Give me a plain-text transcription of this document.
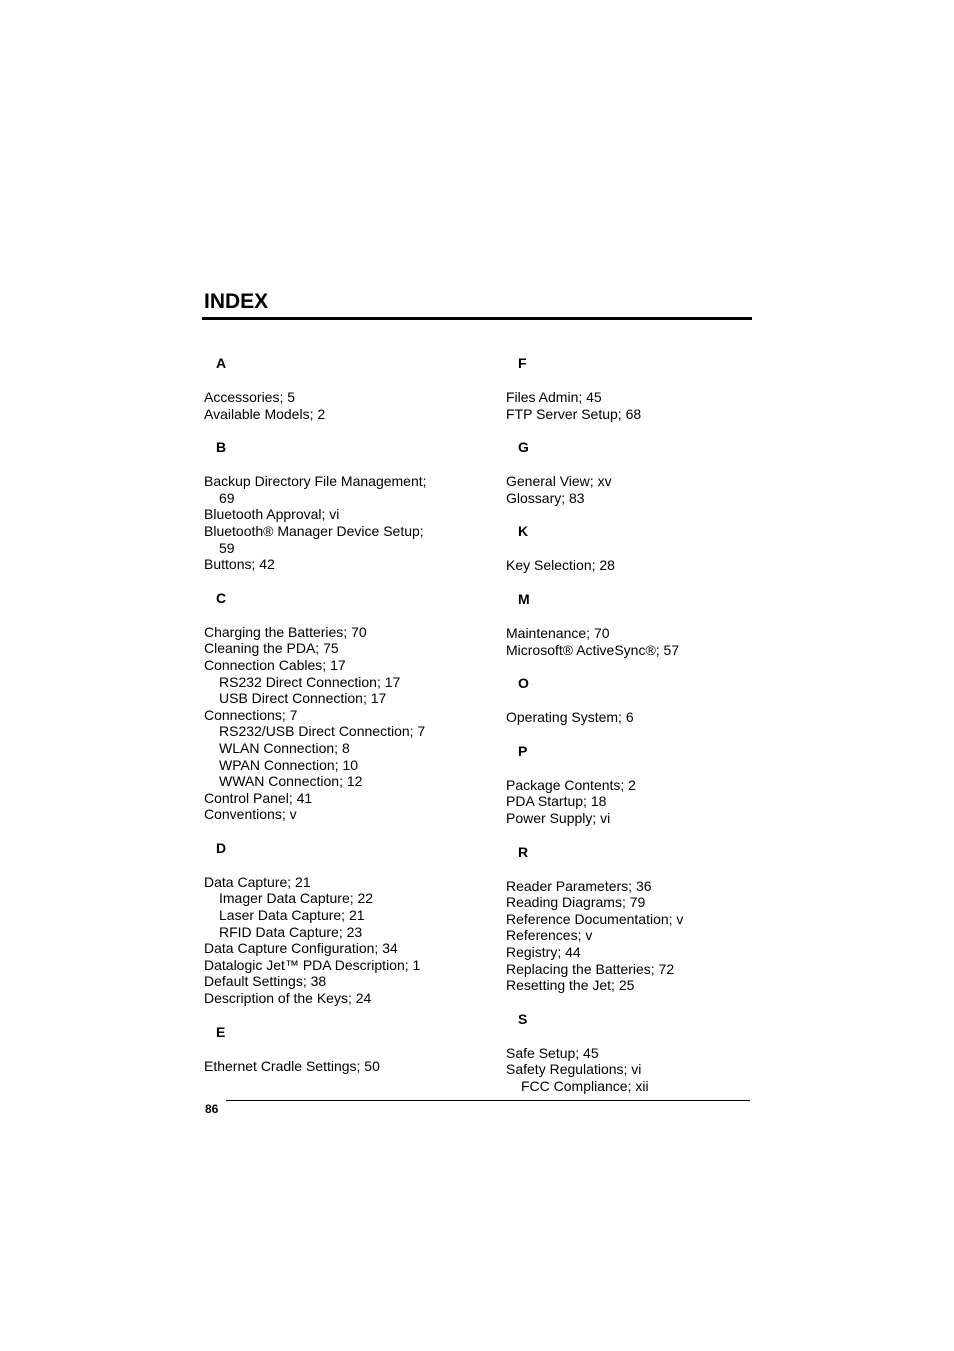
INDEX
A
Accessories; 5
Available Models; 2
B
Backup Directory File Management;
69
Bluetooth Approval; vi
Bluetooth® Manager Device Setup;
59
Buttons; 42
C
Charging the Batteries; 70
Cleaning the PDA; 75
Connection Cables; 17
RS232 Direct Connection; 17
USB Direct Connection; 17
Connections; 7
RS232/USB Direct Connection; 7
WLAN Connection; 8
WPAN Connection; 10
WWAN Connection; 12
Control Panel; 41
Conventions; v
D
Data Capture; 21
Imager Data Capture; 22
Laser Data Capture; 21
RFID Data Capture; 23
Data Capture Configuration; 34
Datalogic Jet™ PDA Description; 1
Default Settings; 38
Description of the Keys; 24
E
Ethernet Cradle Settings; 50
F
Files Admin; 45
FTP Server Setup; 68
G
General View; xv
Glossary; 83
K
Key Selection; 28
M
Maintenance; 70
Microsoft® ActiveSync®; 57
O
Operating System; 6
P
Package Contents; 2
PDA Startup; 18
Power Supply; vi
R
Reader Parameters; 36
Reading Diagrams; 79
Reference Documentation; v
References; v
Registry; 44
Replacing the Batteries; 72
Resetting the Jet; 25
S
Safe Setup; 45
Safety Regulations; vi
FCC Compliance; xii
86
